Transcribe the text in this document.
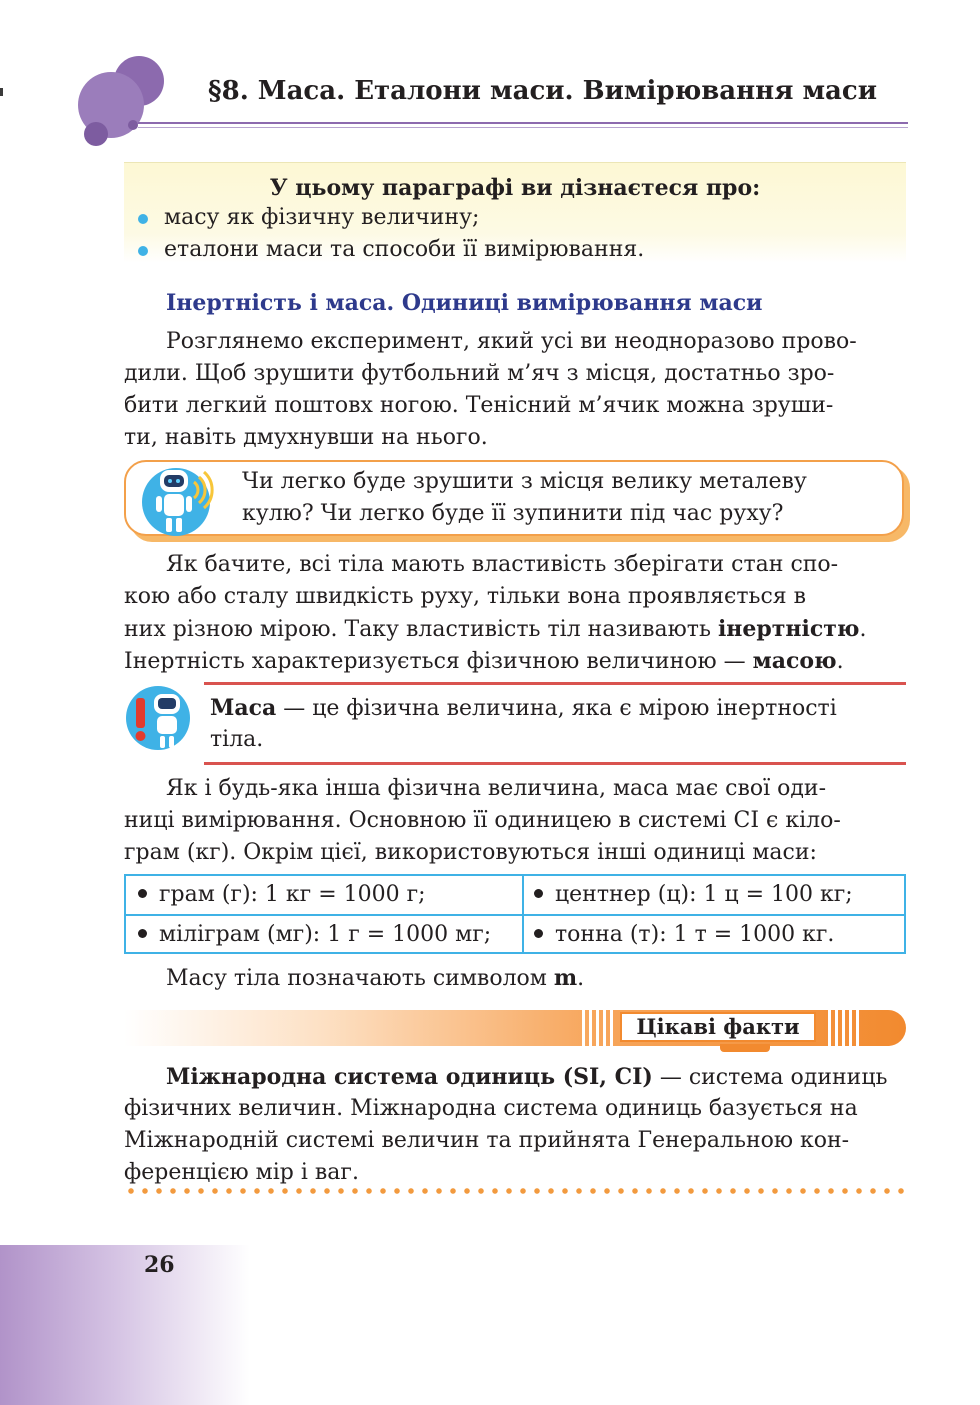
§8. Маса. Еталони маси. Вимірювання маси
У цьому параграфі ви дізнаєтеся про:
масу як фізичну величину;
еталони маси та способи її вимірювання.
Інертність і маса. Одиниці вимірювання маси
Розглянемо експеримент, який усі ви неодноразово прово-
дили. Щоб зрушити футбольний м’яч з місця, достатньо зро-
бити легкий поштовх ногою. Тенісний м’ячик можна зруши-
ти, навіть дмухнувши на нього.
Чи легко буде зрушити з місця велику металеву
кулю? Чи легко буде її зупинити під час руху?
Як бачите, всі тіла мають властивість зберігати стан спо-
кою або сталу швидкість руху, тільки вона проявляється в
них різною мірою. Таку властивість тіл називають інертністю.
Інертність характеризується фізичною величиною — масою.
Маса — це фізична величина, яка є мірою інертності
тіла.
Як і будь-яка інша фізична величина, маса має свої оди-
ниці вимірювання. Основною її одиницею в системі СІ є кіло-
грам (кг). Окрім цієї, використовуються інші одиниці маси:
грам (г): 1 кг = 1000 г;	центнер (ц): 1 ц = 100 кг;
міліграм (мг): 1 г = 1000 мг;	тонна (т): 1 т = 1000 кг.
Масу тіла позначають символом m.
Цікаві факти
Міжнародна система одиниць (SI, СІ) — система одиниць
фізичних величин. Міжнародна система одиниць базується на
Міжнародній системі величин та прийнята Генеральною кон-
ференцією мір і ваг.
26
